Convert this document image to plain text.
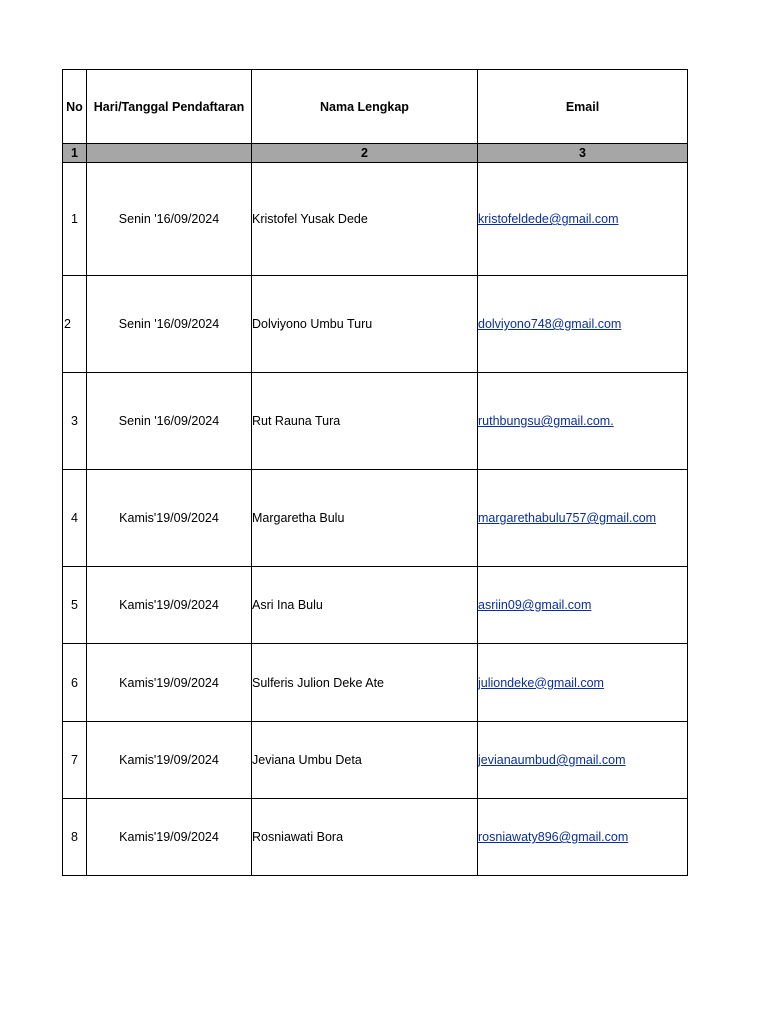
No	Hari/Tanggal Pendaftaran	Nama Lengkap	Email
1		2	3
1	Senin '16/09/2024	Kristofel Yusak Dede	kristofeldede@gmail.com
2	Senin '16/09/2024	Dolviyono Umbu Turu	dolviyono748@gmail.com
3	Senin '16/09/2024	Rut Rauna Tura	ruthbungsu@gmail.com.
4	Kamis'19/09/2024	Margaretha Bulu	margarethabulu757@gmail.com
5	Kamis'19/09/2024	Asri Ina Bulu	asriin09@gmail.com
6	Kamis'19/09/2024	Sulferis Julion Deke Ate	juliondeke@gmail.com
7	Kamis'19/09/2024	Jeviana Umbu Deta	jevianaumbud@gmail.com
8	Kamis'19/09/2024	Rosniawati Bora	rosniawaty896@gmail.com
